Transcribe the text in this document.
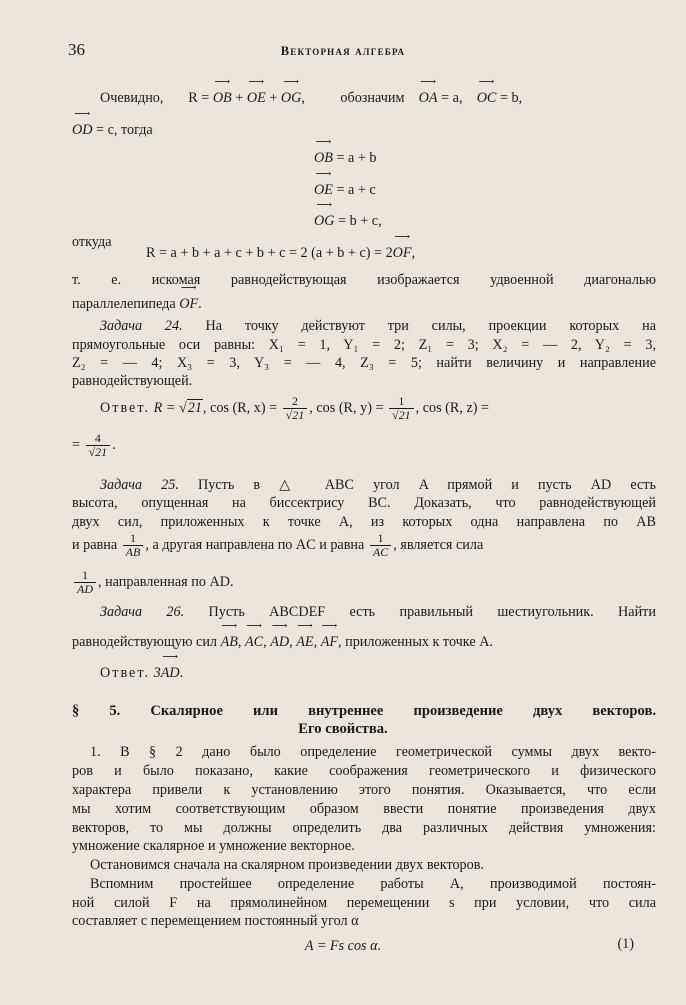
36	Векторная алгебра
Очевидно, R = ⟶ OB + ⟶ OE + ⟶ OG, обозначим ⟶ OA = a, ⟶ OC = b,
⟶ OD = c, тогда
⟶ OB = a + b
⟶ OE = a + c
⟶ OG = b + c,
откуда
R = a + b + a + c + b + c = 2 (a + b + c) = 2⟶ OF,
т. е. искомая равнодействующая изображается удвоенной диагональю
параллелепипеда ⟶ OF.
Задача 24. На точку действуют три силы, проекции которых на
прямоугольные оси равны: X₁ = 1, Y₁ = 2; Z₁ = 3; X₂ = — 2, Y₂ = 3,
Z₂ = — 4; X₃ = 3, Y₃ = — 4, Z₃ = 5; найти величину и направление
равнодействующей.
Ответ. R = √21, cos (R, $x) = \frac{2}{√21}$ , cos (R, $y) = \frac{1}{√21}$ , cos (R, z) =
= $\frac{4}{√21}$ .
Задача 25. Пусть в △ ABC угол A прямой и пусть AD есть
высота, опущенная на биссектрису BC. Доказать, что равнодействующей
двух сил, приложенных к точке A, из которых одна направлена по AB
и равна $\frac{1}{AB}$ , а другая направлена по AC и равна $\frac{1}{AC}$ , является сила
$\frac{1}{AD}$ , направленная по AD.
Задача 26. Пусть ABCDEF есть правильный шестиугольник. Найти
равнодействующую сил ⟶ AB, ⟶ AC, ⟶ AD, ⟶ AE, ⟶ AF, приложенных к точке A.
Ответ. 3⟶ AD.
§ 5. Скалярное или внутреннее произведение двух векторов.
Его свойства.
1. В § 2 дано было определение геометрической суммы двух векто-
ров и было показано, какие соображения геометрического и физического
характера привели к установлению этого понятия. Оказывается, что если
мы хотим соответствующим образом ввести понятие произведения двух
векторов, то мы должны определить два различных действия умножения:
умножение скалярное и умножение векторное.
Остановимся сначала на скалярном произведении двух векторов.
Вспомним простейшее определение работы A, производимой постоян-
ной силой F на прямолинейном перемещении s при условии, что сила
составляет с перемещением постоянный угол α
A = Fs cos α.	(1)
